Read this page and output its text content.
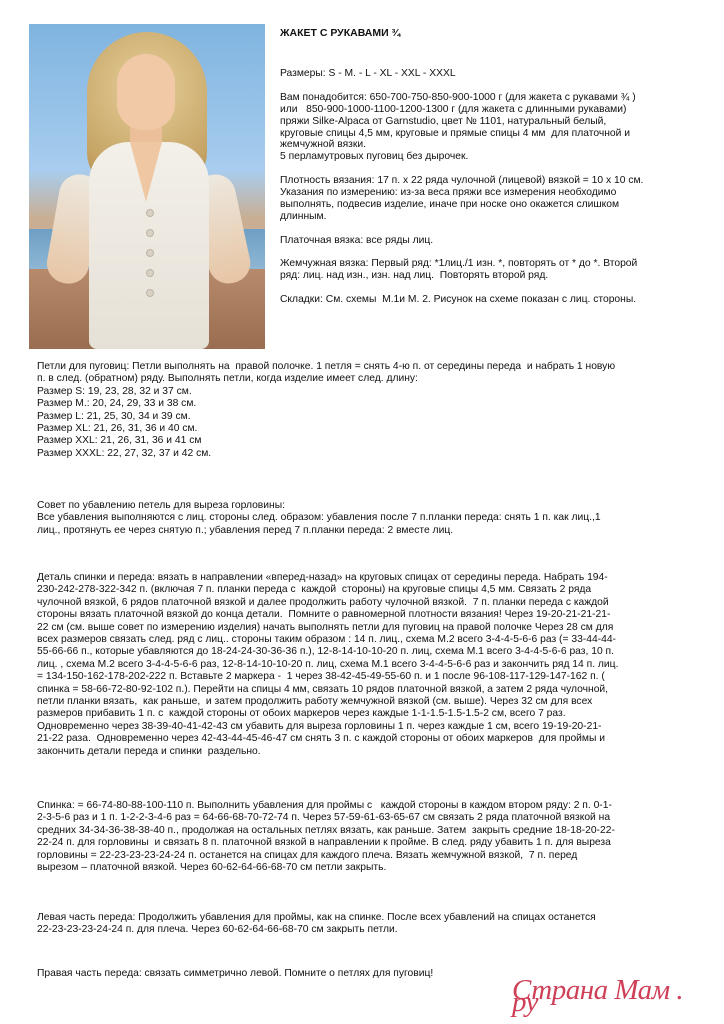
ЖАКЕТ С РУКАВАМИ ¾
Размеры: S - M. - L - XL - XXL - XXXL
Вам понадобится: 650-700-750-850-900-1000 г (для жакета с рукавами ¾ )
или   850-900-1000-1100-1200-1300 г (для жакета с длинными рукавами)
пряжи Silke-Alpaca от Garnstudio, цвет № 1101, натуральный белый,
круговые спицы 4,5 мм, круговые и прямые спицы 4 мм  для платочной и
жемчужной вязки.
5 перламутровых пуговиц без дырочек.
Плотность вязания: 17 п. х 22 ряда чулочной (лицевой) вязкой = 10 х 10 см.
Указания по измерению: из-за веса пряжи все измерения необходимо
выполнять, подвесив изделие, иначе при носке оно окажется слишком
длинным.
Платочная вязка: все ряды лиц.
Жемчужная вязка: Первый ряд: *1лиц./1 изн. *, повторять от * до *. Второй
ряд: лиц. над изн., изн. над лиц.  Повторять второй ряд.
Складки: См. схемы  М.1и М. 2. Рисунок на схеме показан с лиц. стороны.
Петли для пуговиц: Петли выполнять на  правой полочке. 1 петля = снять 4-ю п. от середины переда  и набрать 1 новую
п. в след. (обратном) ряду. Выполнять петли, когда изделие имеет след. длину:
Размер S: 19, 23, 28, 32 и 37 см.
Размер М.: 20, 24, 29, 33 и 38 см.
Размер L: 21, 25, 30, 34 и 39 см.
Размер XL: 21, 26, 31, 36 и 40 см.
Размер XXL: 21, 26, 31, 36 и 41 см
Размер XXXL: 22, 27, 32, 37 и 42 см.
Совет по убавлению петель для выреза горловины:
Все убавления выполняются с лиц. стороны след. образом: убавления после 7 п.планки переда: снять 1 п. как лиц.,1
лиц., протянуть ее через снятую п.; убавления перед 7 п.планки переда: 2 вместе лиц.
Деталь спинки и переда: вязать в направлении «вперед-назад» на круговых спицах от середины переда. Набрать 194-
230-242-278-322-342 п. (включая 7 п. планки переда с  каждой  стороны) на круговые спицы 4,5 мм. Связать 2 ряда
чулочной вязкой, 6 рядов платочной вязкой и далее продолжить работу чулочной вязкой.  7 п. планки переда с каждой
стороны вязать платочной вязкой до конца детали.  Помните о равномерной плотности вязания! Через 19-20-21-21-21-
22 см (см. выше совет по измерению изделия) начать выполнять петли для пуговиц на правой полочке Через 28 см для
всех размеров связать след. ряд с лиц.. стороны таким образом : 14 п. лиц., схема М.2 всего 3-4-4-5-6-6 раз (= 33-44-44-
55-66-66 п., которые убавляются до 18-24-24-30-36-36 п.), 12-8-14-10-10-20 п. лиц, схема М.1 всего 3-4-4-5-6-6 раз, 10 п.
лиц. , схема М.2 всего 3-4-4-5-6-6 раз, 12-8-14-10-10-20 п. лиц, схема М.1 всего 3-4-4-5-6-6 раз и закончить ряд 14 п. лиц.
= 134-150-162-178-202-222 п. Вставьте 2 маркера -  1 через 38-42-45-49-55-60 п. и 1 после 96-108-117-129-147-162 п. (
спинка = 58-66-72-80-92-102 п.). Перейти на спицы 4 мм, связать 10 рядов платочной вязкой, а затем 2 ряда чулочной,
петли планки вязать,  как раньше,  и затем продолжить работу жемчужной вязкой (см. выше). Через 32 см для всех
размеров прибавить 1 п. с  каждой стороны от обоих маркеров через каждые 1-1-1.5-1.5-1.5-2 см, всего 7 раз.
Одновременно через 38-39-40-41-42-43 см убавить для выреза горловины 1 п. через каждые 1 см, всего 19-19-20-21-
21-22 раза.  Одновременно через 42-43-44-45-46-47 см снять 3 п. с каждой стороны от обоих маркеров  для проймы и
закончить детали переда и спинки  раздельно.
Спинка: = 66-74-80-88-100-110 п. Выполнить убавления для проймы с   каждой стороны в каждом втором ряду: 2 п. 0-1-
2-3-5-6 раз и 1 п. 1-2-2-3-4-6 раз = 64-66-68-70-72-74 п. Через 57-59-61-63-65-67 см связать 2 ряда платочной вязкой на
средних 34-34-36-38-38-40 п., продолжая на остальных петлях вязать, как раньше. Затем  закрыть средние 18-18-20-22-
22-24 п. для горловины  и связать 8 п. платочной вязкой в направлении к пройме. В след. ряду убавить 1 п. для выреза
горловины = 22-23-23-23-24-24 п. останется на спицах для каждого плеча. Вязать жемчужной вязкой,  7 п. перед
вырезом – платочной вязкой. Через 60-62-64-66-68-70 см петли закрыть.
Левая часть переда: Продолжить убавления для проймы, как на спинке. После всех убавлений на спицах останется
22-23-23-23-24-24 п. для плеча. Через 60-62-64-66-68-70 см закрыть петли.
Правая часть переда: связать симметрично левой. Помните о петлях для пуговиц!
Страна Мам . ру
